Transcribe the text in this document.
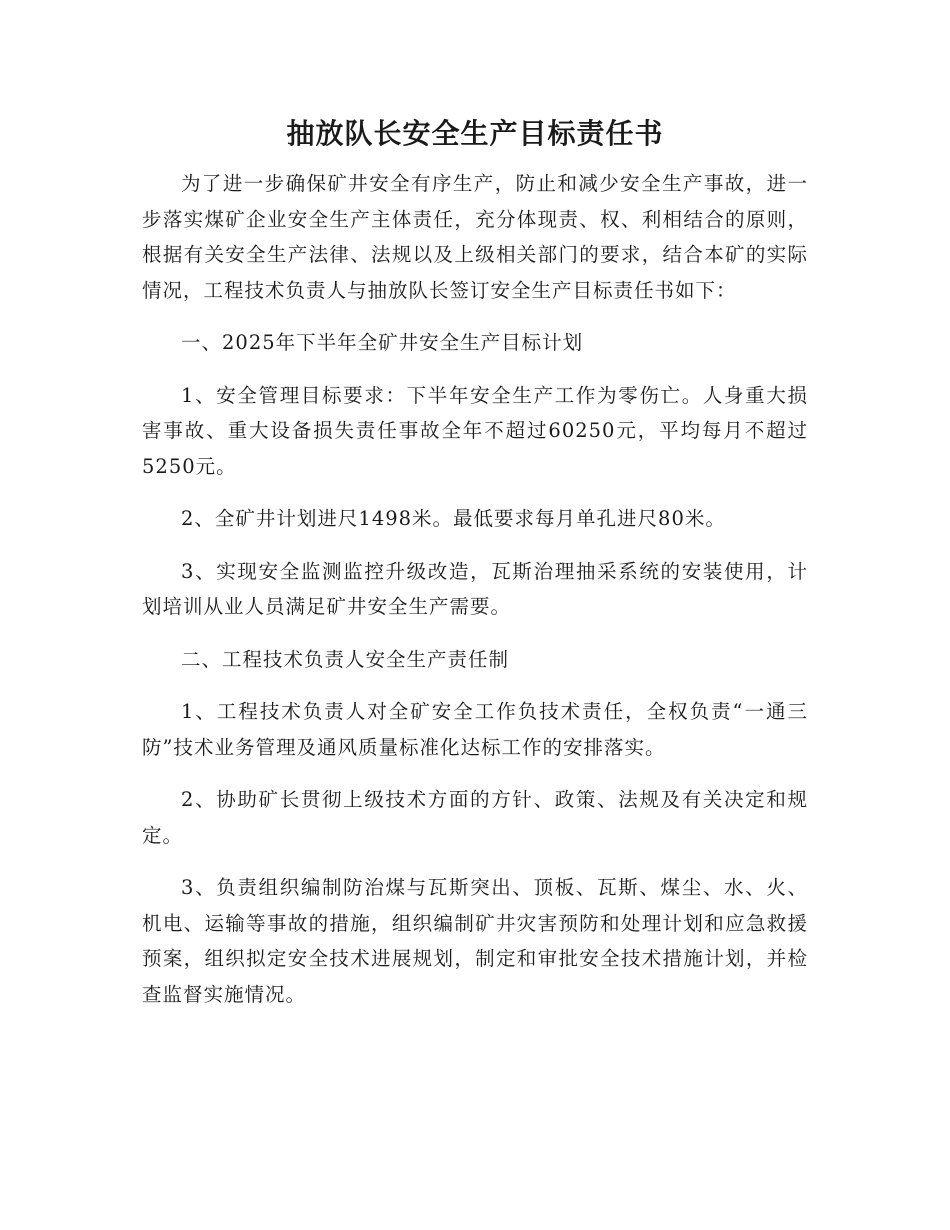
抽放队长安全生产目标责任书

为了进一步确保矿井安全有序生产，防止和减少安全生产事故，进一步落实煤矿企业安全生产主体责任，充分体现责、权、利相结合的原则，根据有关安全生产法律、法规以及上级相关部门的要求，结合本矿的实际情况，工程技术负责人与抽放队长签订安全生产目标责任书如下：

一、2025年下半年全矿井安全生产目标计划

1、安全管理目标要求：下半年安全生产工作为零伤亡。人身重大损害事故、重大设备损失责任事故全年不超过60250元，平均每月不超过5250元。

2、全矿井计划进尺1498米。最低要求每月单孔进尺80米。

3、实现安全监测监控升级改造，瓦斯治理抽采系统的安装使用，计划培训从业人员满足矿井安全生产需要。

二、工程技术负责人安全生产责任制

1、工程技术负责人对全矿安全工作负技术责任，全权负责“一通三防”技术业务管理及通风质量标准化达标工作的安排落实。

2、协助矿长贯彻上级技术方面的方针、政策、法规及有关决定和规定。

3、负责组织编制防治煤与瓦斯突出、顶板、瓦斯、煤尘、水、火、机电、运输等事故的措施，组织编制矿井灾害预防和处理计划和应急救援预案，组织拟定安全技术进展规划，制定和审批安全技术措施计划，并检查监督实施情况。
